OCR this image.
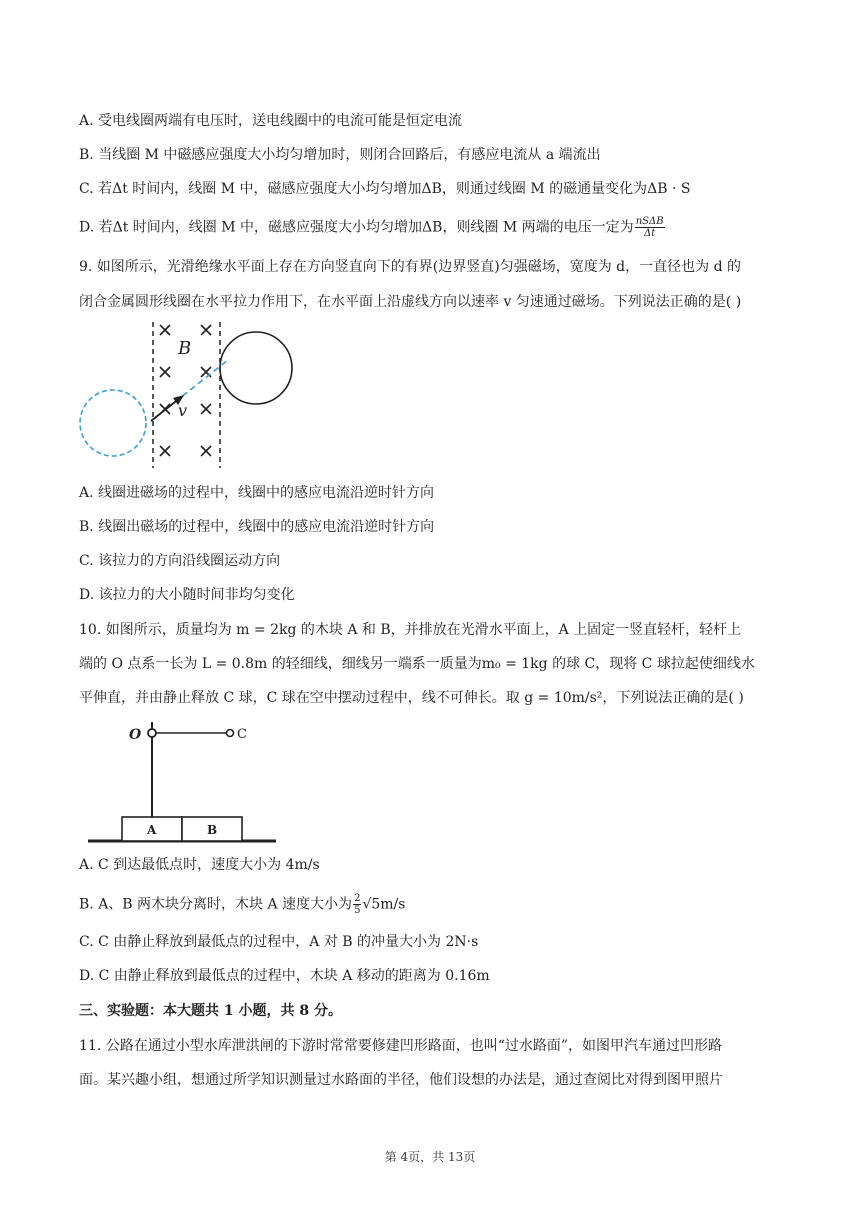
A. 受电线圈两端有电压时，送电线圈中的电流可能是恒定电流
B. 当线圈 M 中磁感应强度大小均匀增加时，则闭合回路后，有感应电流从 a 端流出
C. 若Δt 时间内，线圈 M 中，磁感应强度大小均匀增加ΔB，则通过线圈 M 的磁通量变化为ΔB · S
D. 若Δt 时间内，线圈 M 中，磁感应强度大小均匀增加ΔB，则线圈 M 两端的电压一定为 nSΔB
Δt
9. 如图所示，光滑绝缘水平面上存在方向竖直向下的有界(边界竖直)匀强磁场，宽度为 d，一直径也为 d 的
闭合金属圆形线圈在水平拉力作用下，在水平面上沿虚线方向以速率 v 匀速通过磁场。下列说法正确的是( )
B
v
A. 线圈进磁场的过程中，线圈中的感应电流沿逆时针方向
B. 线圈出磁场的过程中，线圈中的感应电流沿逆时针方向
C. 该拉力的方向沿线圈运动方向
D. 该拉力的大小随时间非均匀变化
10. 如图所示，质量均为 m = 2kg 的木块 A 和 B，并排放在光滑水平面上，A 上固定一竖直轻杆，轻杆上
端的 O 点系一长为 L = 0.8m 的轻细线，细线另一端系一质量为m₀ = 1kg 的球 C，现将 C 球拉起使细线水
平伸直，并由静止释放 C 球，C 球在空中摆动过程中，线不可伸长。取 g = 10m/s²，下列说法正确的是( )
A	B
O	C
A. C 到达最低点时，速度大小为 4m/s
B. A、B 两木块分离时，木块 A 速度大小为 $\frac{2}{5} √5m/s$
C. C 由静止释放到最低点的过程中，A 对 B 的冲量大小为 2N·s
D. C 由静止释放到最低点的过程中，木块 A 移动的距离为 0.16m
三、实验题：本大题共 1 小题，共 8 分。
11. 公路在通过小型水库泄洪闸的下游时常常要修建凹形路面，也叫“过水路面”，如图甲汽车通过凹形路
面。某兴趣小组，想通过所学知识测量过水路面的半径，他们设想的办法是，通过查阅比对得到图甲照片
第 4页，共 13页
